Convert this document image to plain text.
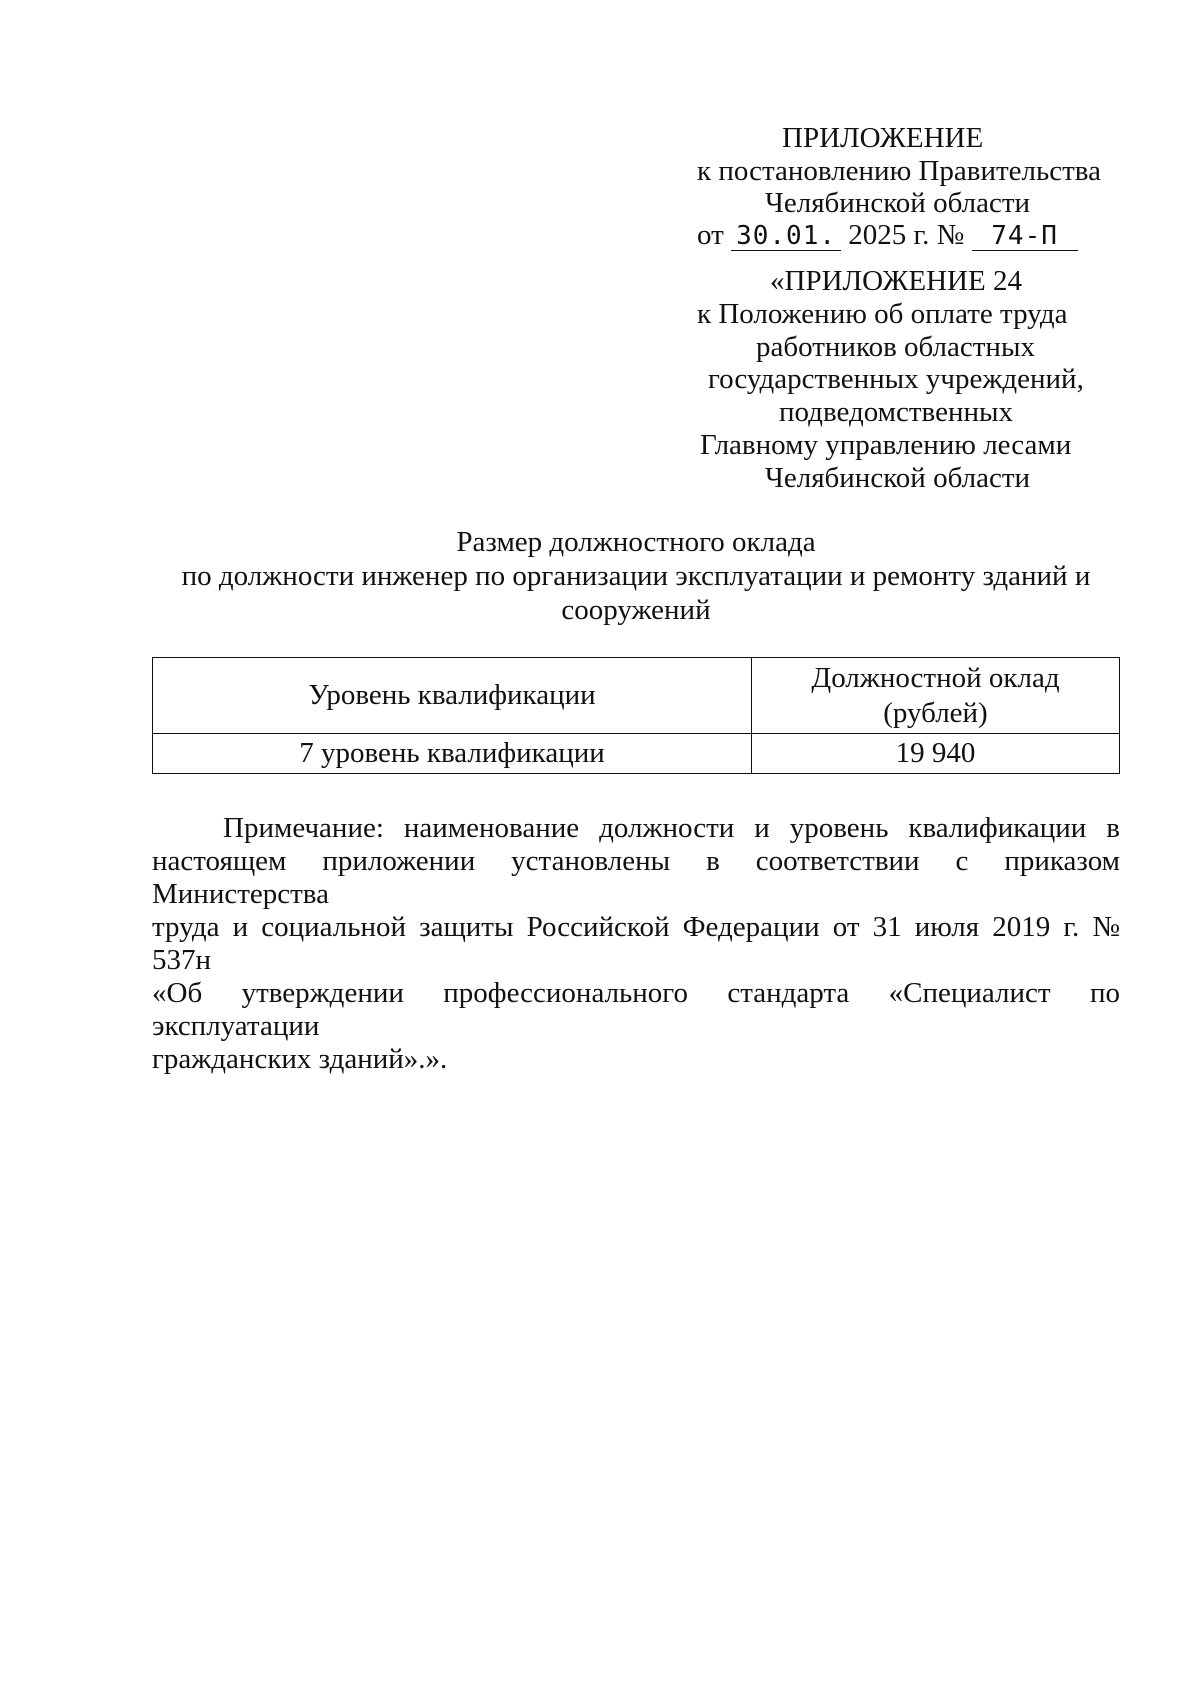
ПРИЛОЖЕНИЕ
к постановлению Правительства
Челябинской области
от 30.01. 2025 г. № 74-П
«ПРИЛОЖЕНИЕ 24
к Положению об оплате труда
работников областных
государственных учреждений,
подведомственных
Главному управлению лесами
Челябинской области
Размер должностного оклада
по должности инженер по организации эксплуатации и ремонту зданий и
сооружений
Уровень квалификации	Должностной оклад
(рублей)

7 уровень квалификации	19 940

Примечание: наименование должности и уровень квалификации в

настоящем приложении установлены в соответствии с приказом Министерства

труда и социальной защиты Российской Федерации от 31 июля 2019 г. № 537н

«Об утверждении профессионального стандарта «Специалист по эксплуатации

гражданских зданий».».
